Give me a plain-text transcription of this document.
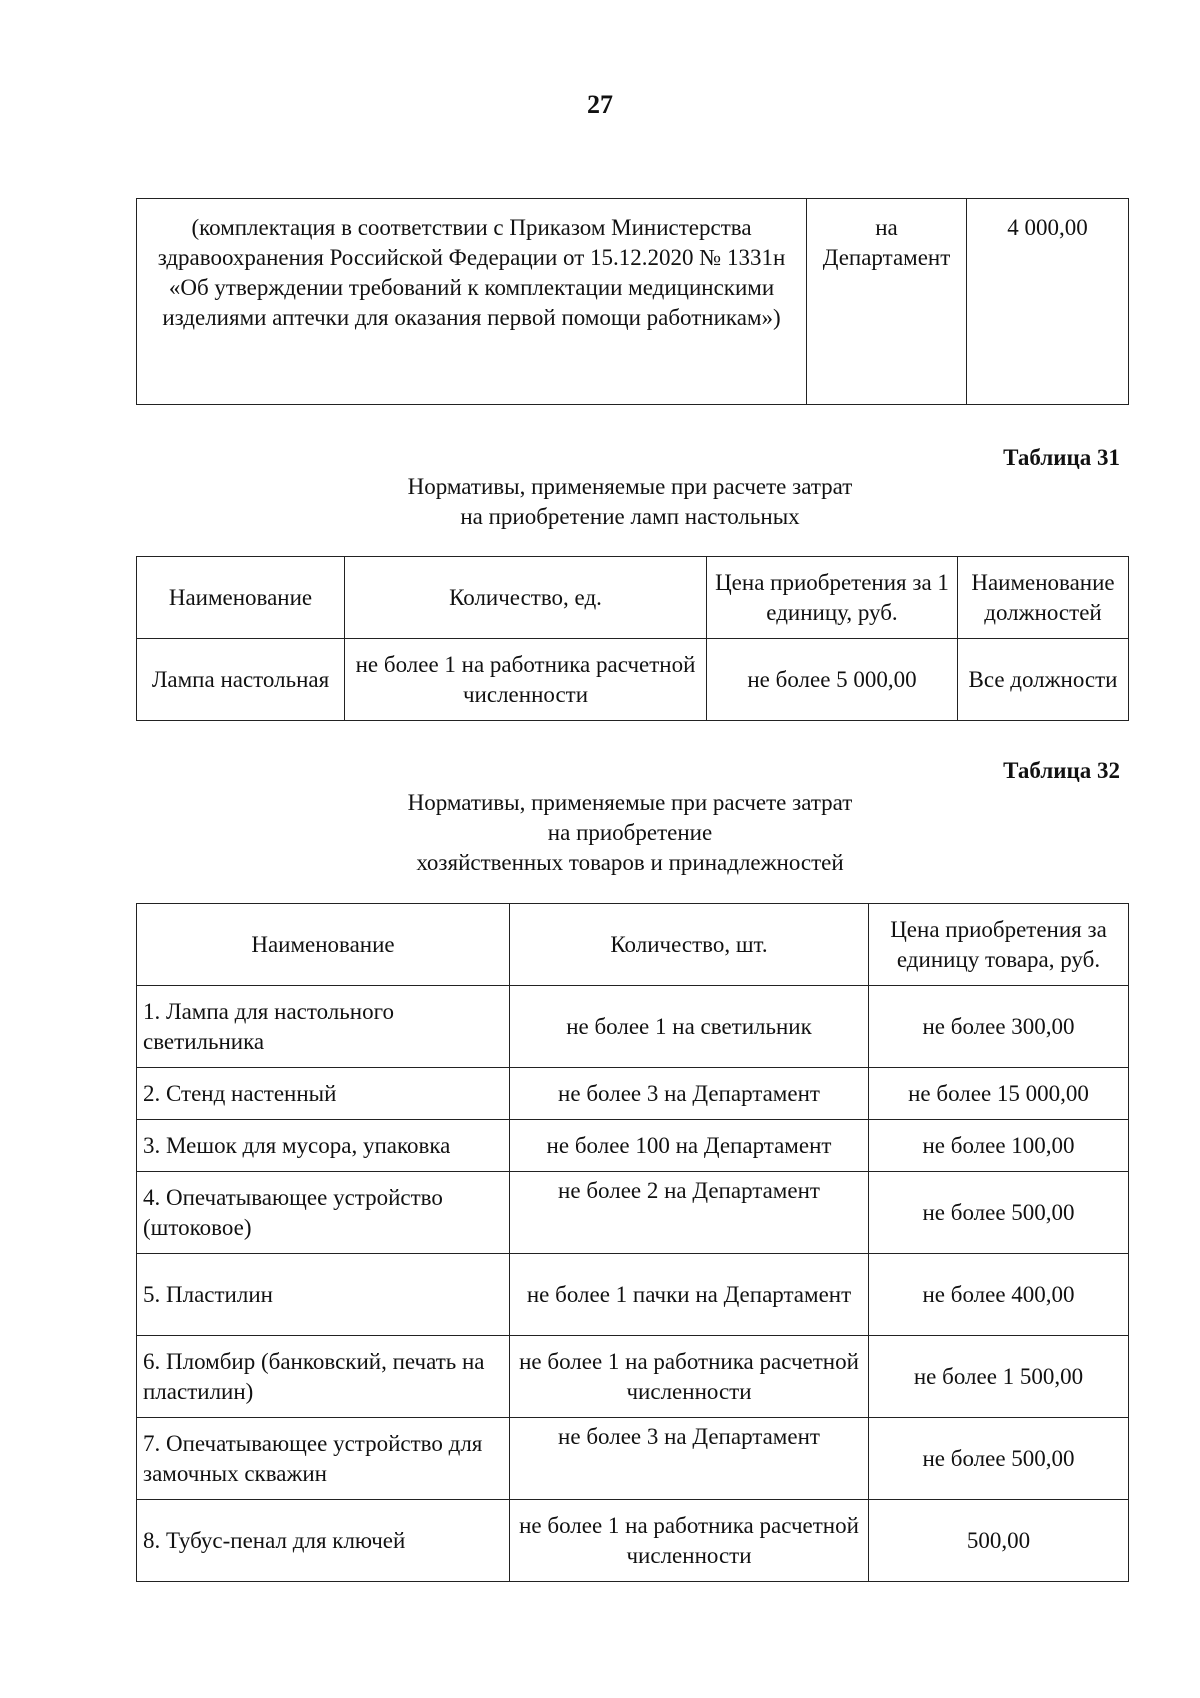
27
(комплектация в соответствии с Приказом Министерства здравоохранения Российской Федерации от 15.12.2020 № 1331н «Об утверждении требований к комплектации медицинскими изделиями аптечки для оказания первой помощи работникам»)	на Департамент	4 000,00
Таблица 31
Нормативы, применяемые при расчете затрат
на приобретение ламп настольных
Наименование	Количество, ед.	Цена приобретения за 1 единицу, руб.	Наименование должностей
Лампа настольная	не более 1 на работника расчетной численности	не более 5 000,00	Все должности
Таблица 32
Нормативы, применяемые при расчете затрат
на приобретение
хозяйственных товаров и принадлежностей
Наименование	Количество, шт.	Цена приобретения за единицу товара, руб.
1. Лампа для настольного светильника	не более 1 на светильник	не более 300,00
2. Стенд настенный	не более 3 на Департамент	не более 15 000,00
3. Мешок для мусора, упаковка	не более 100 на Департамент	не более 100,00
4. Опечатывающее устройство (штоковое)	не более 2 на Департамент	не более 500,00
5. Пластилин	не более 1 пачки на Департамент	не более 400,00
6. Пломбир (банковский, печать на пластилин)	не более 1 на работника расчетной численности	не более 1 500,00
7. Опечатывающее устройство для замочных скважин	не более 3 на Департамент	не более 500,00
8. Тубус-пенал для ключей	не более 1 на работника расчетной численности	500,00
